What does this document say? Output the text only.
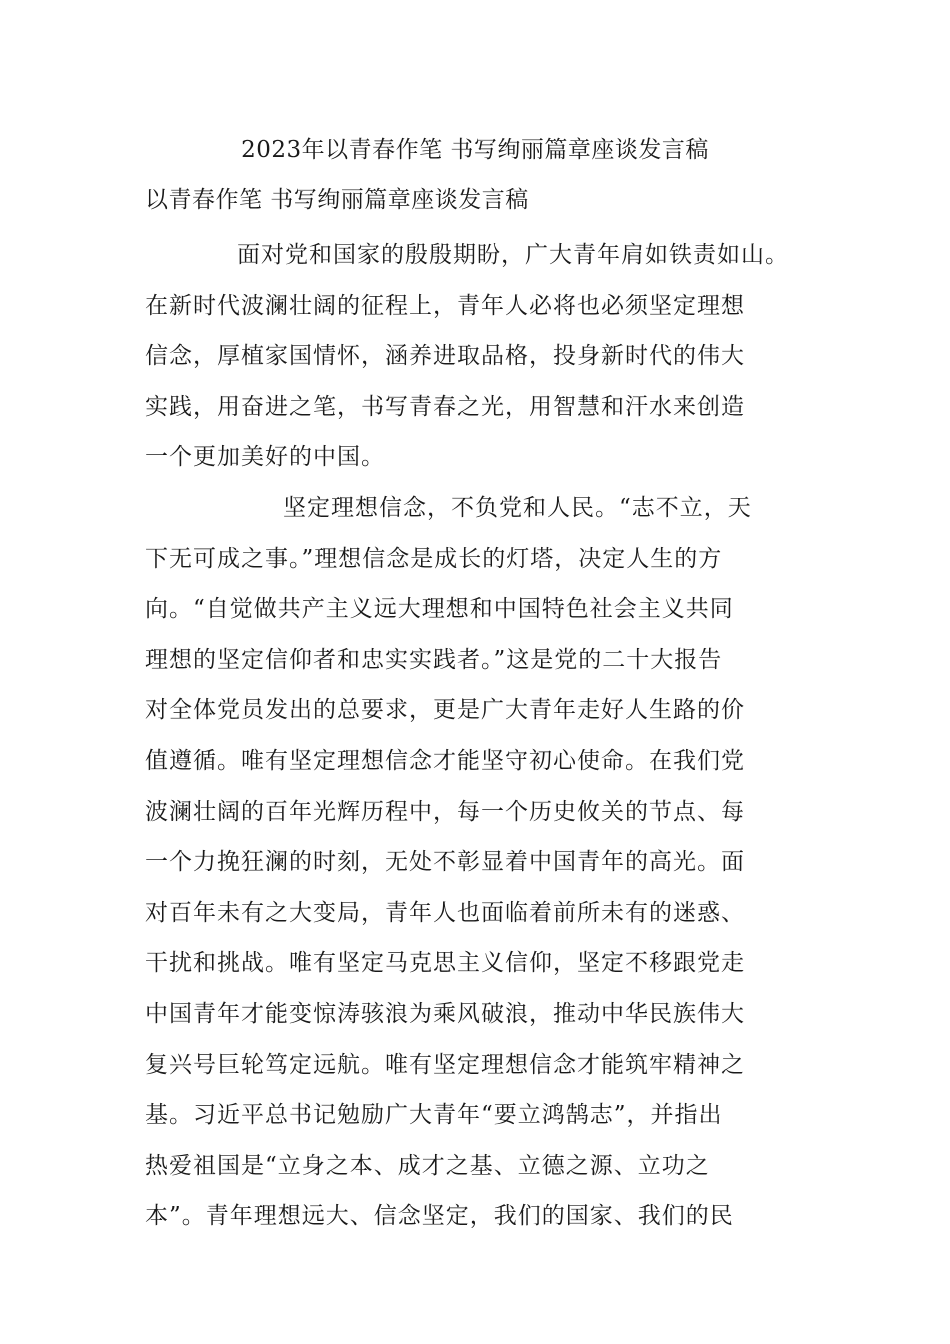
2023年以青春作笔 书写绚丽篇章座谈发言稿
以青春作笔 书写绚丽篇章座谈发言稿
面对党和国家的殷殷期盼，广大青年肩如铁责如山。
在新时代波澜壮阔的征程上，青年人必将也必须坚定理想
信念，厚植家国情怀，涵养进取品格，投身新时代的伟大
实践，用奋进之笔，书写青春之光，用智慧和汗水来创造
一个更加美好的中国。
坚定理想信念，不负党和人民。“志不立，天
下无可成之事。”理想信念是成长的灯塔，决定人生的方
向。“自觉做共产主义远大理想和中国特色社会主义共同
理想的坚定信仰者和忠实实践者。”这是党的二十大报告
对全体党员发出的总要求，更是广大青年走好人生路的价
值遵循。唯有坚定理想信念才能坚守初心使命。在我们党
波澜壮阔的百年光辉历程中，每一个历史攸关的节点、每
一个力挽狂澜的时刻，无处不彰显着中国青年的高光。面
对百年未有之大变局，青年人也面临着前所未有的迷惑、
干扰和挑战。唯有坚定马克思主义信仰，坚定不移跟党走
中国青年才能变惊涛骇浪为乘风破浪，推动中华民族伟大
复兴号巨轮笃定远航。唯有坚定理想信念才能筑牢精神之
基。习近平总书记勉励广大青年“要立鸿鹄志”，并指出
热爱祖国是“立身之本、成才之基、立德之源、立功之
本”。青年理想远大、信念坚定，我们的国家、我们的民
